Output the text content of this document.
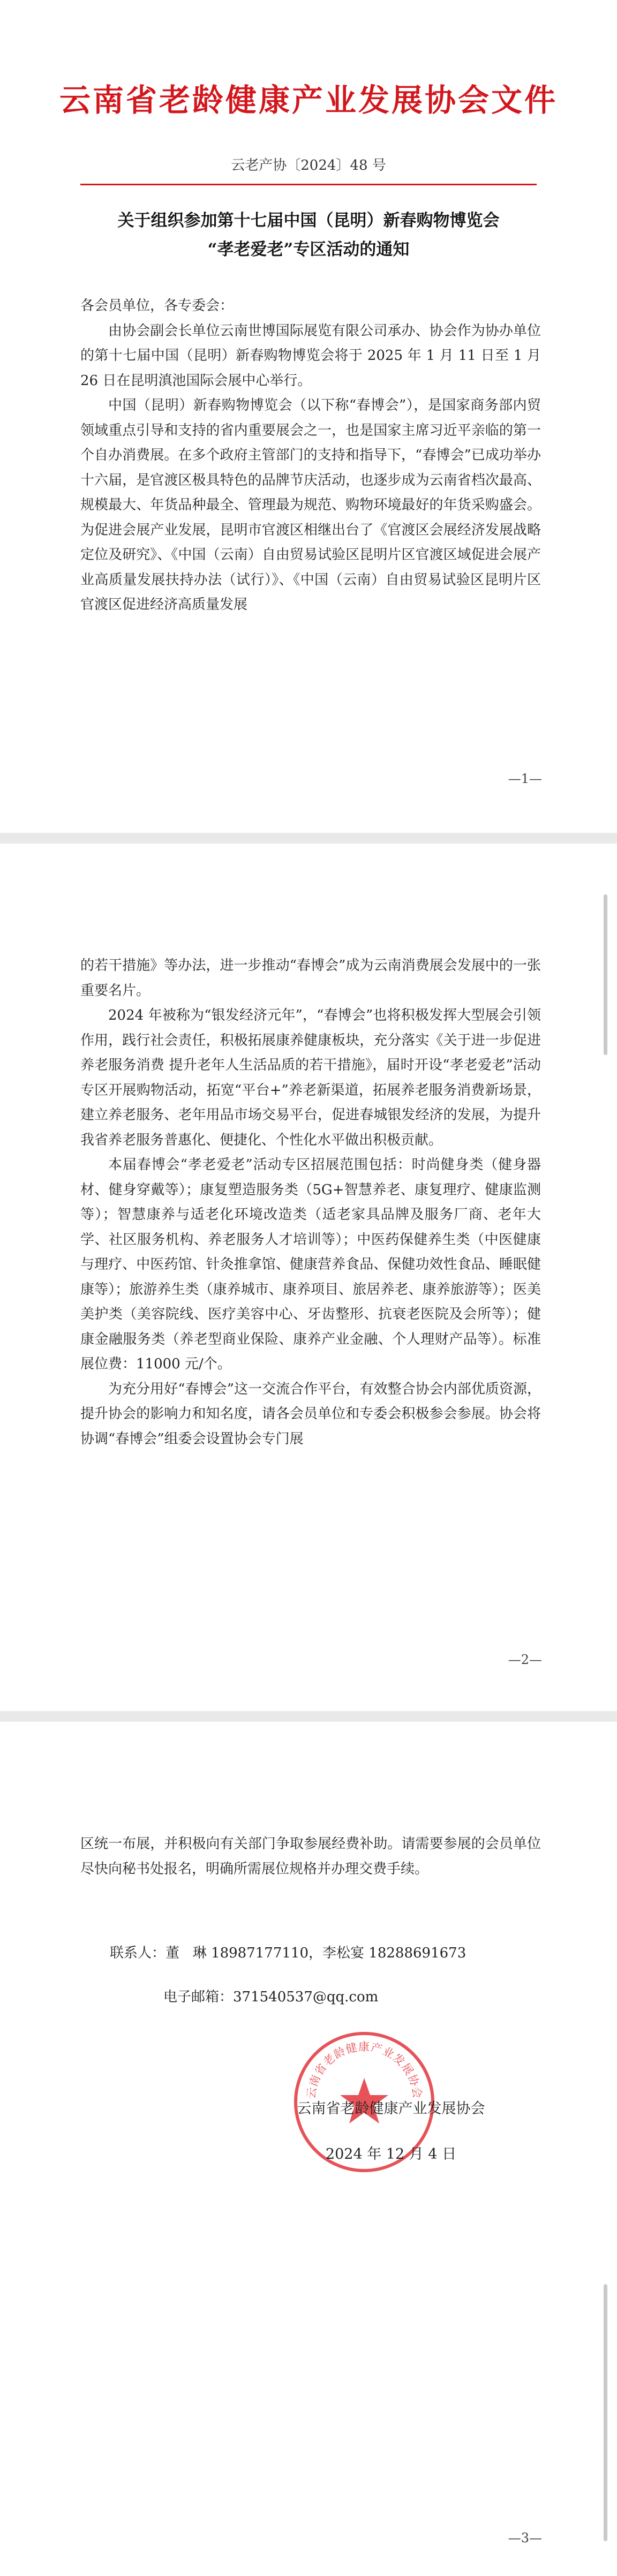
云南省老龄健康产业发展协会文件
云老产协〔2024〕48 号
关于组织参加第十七届中国（昆明）新春购物博览会
“孝老爱老”专区活动的通知

各会员单位，各专委会：

由协会副会长单位云南世博国际展览有限公司承办、协会作为协办单位的第十七届中国（昆明）新春购物博览会将于 2025 年 1 月 11 日至 1 月 26 日在昆明滇池国际会展中心举行。

中国（昆明）新春购物博览会（以下称“春博会”），是国家商务部内贸领域重点引导和支持的省内重要展会之一，也是国家主席习近平亲临的第一个自办消费展。在多个政府主管部门的支持和指导下，“春博会”已成功举办十六届，是官渡区极具特色的品牌节庆活动，也逐步成为云南省档次最高、规模最大、年货品种最全、管理最为规范、购物环境最好的年货采购盛会。为促进会展产业发展，昆明市官渡区相继出台了《官渡区会展经济发展战略定位及研究》、《中国（云南）自由贸易试验区昆明片区官渡区域促进会展产业高质量发展扶持办法（试行）》、《中国（云南）自由贸易试验区昆明片区官渡区促进经济高质量发展

—1—

的若干措施》等办法，进一步推动“春博会”成为云南消费展会发展中的一张重要名片。

2024 年被称为“银发经济元年”，“春博会”也将积极发挥大型展会引领作用，践行社会责任，积极拓展康养健康板块，充分落实《关于进一步促进养老服务消费 提升老年人生活品质的若干措施》，届时开设“孝老爱老”活动专区开展购物活动，拓宽“平台+”养老新渠道，拓展养老服务消费新场景，建立养老服务、老年用品市场交易平台，促进春城银发经济的发展，为提升我省养老服务普惠化、便捷化、个性化水平做出积极贡献。

本届春博会“孝老爱老”活动专区招展范围包括：时尚健身类（健身器材、健身穿戴等）；康复塑造服务类（5G+智慧养老、康复理疗、健康监测等）；智慧康养与适老化环境改造类（适老家具品牌及服务厂商、老年大学、社区服务机构、养老服务人才培训等）；中医药保健养生类（中医健康与理疗、中医药馆、针灸推拿馆、健康营养食品、保健功效性食品、睡眠健康等）；旅游养生类（康养城市、康养项目、旅居养老、康养旅游等）；医美美护类（美容院线、医疗美容中心、牙齿整形、抗衰老医院及会所等）；健康金融服务类（养老型商业保险、康养产业金融、个人理财产品等）。标准展位费：11000 元/个。

为充分用好“春博会”这一交流合作平台，有效整合协会内部优质资源，提升协会的影响力和知名度，请各会员单位和专委会积极参会参展。协会将协调“春博会”组委会设置协会专门展

—2—

区统一布展，并积极向有关部门争取参展经费补助。请需要参展的会员单位尽快向秘书处报名，明确所需展位规格并办理交费手续。

—3—
联系人：董   琳 18987177110，李松宴 18288691673
电子邮箱：371540537@qq.com
云南省老龄健康产业发展协会
云南省老龄健康产业发展协会
2024 年 12 月 4 日
